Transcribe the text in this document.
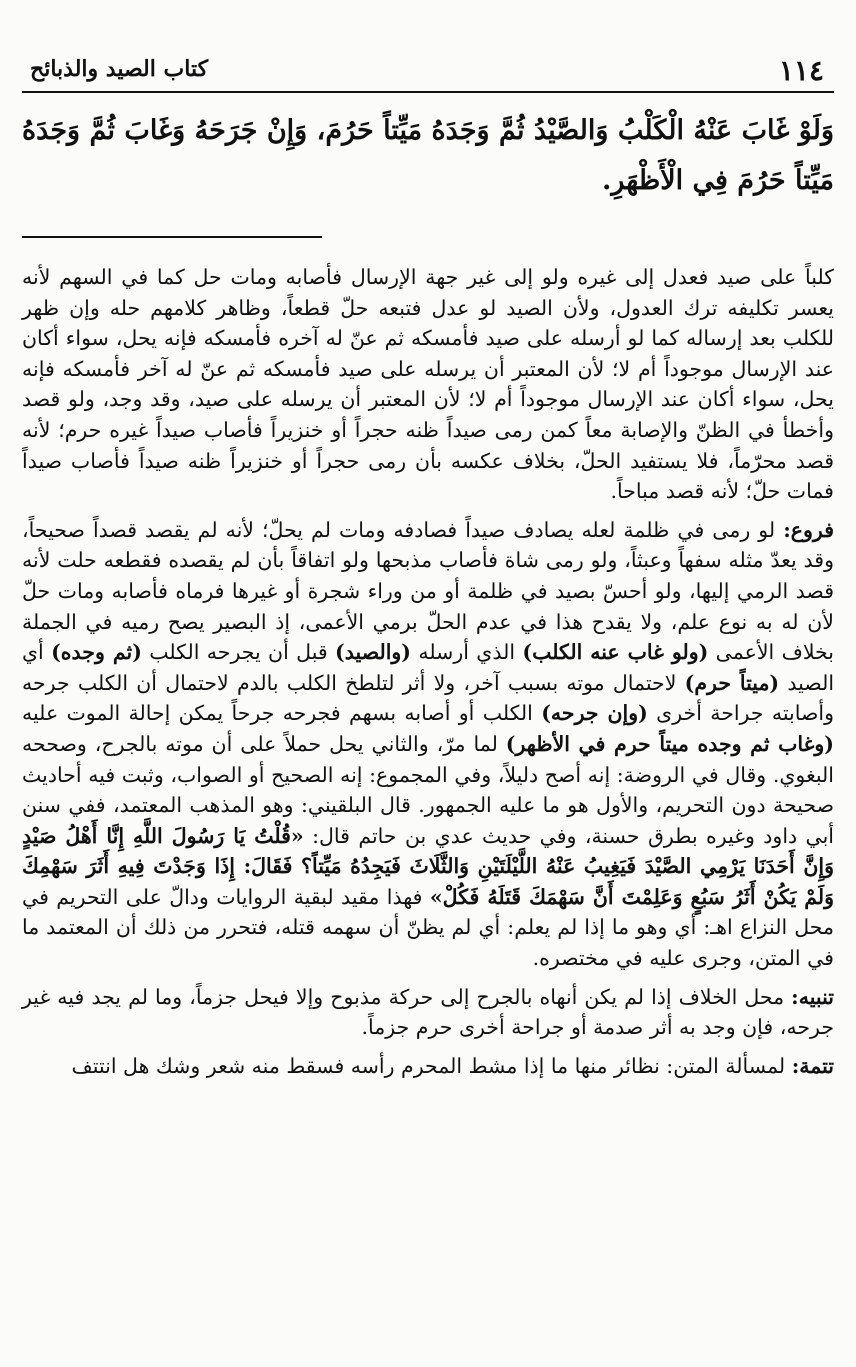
١١٤
كتاب الصيد والذبائح
وَلَوْ غَابَ عَنْهُ الْكَلْبُ وَالصَّيْدُ ثُمَّ وَجَدَهُ مَيِّتاً حَرُمَ، وَإِنْ جَرَحَهُ وَغَابَ ثُمَّ وَجَدَهُ مَيِّتاً حَرُمَ فِي الْأَظْهَرِ.

كلباً على صيد فعدل إلى غيره ولو إلى غير جهة الإرسال فأصابه ومات حل كما في السهم لأنه يعسر تكليفه ترك العدول، ولأن الصيد لو عدل فتبعه حلّ قطعاً، وظاهر كلامهم حله وإن ظهر للكلب بعد إرساله كما لو أرسله على صيد فأمسكه ثم عنّ له آخره فأمسكه فإنه يحل، سواء أكان عند الإرسال موجوداً أم لا؛ لأن المعتبر أن يرسله على صيد فأمسكه ثم عنّ له آخر فأمسكه فإنه يحل، سواء أكان عند الإرسال موجوداً أم لا؛ لأن المعتبر أن يرسله على صيد، وقد وجد، ولو قصد وأخطأ في الظنّ والإصابة معاً كمن رمى صيداً ظنه حجراً أو خنزيراً فأصاب صيداً غيره حرم؛ لأنه قصد محرّماً، فلا يستفيد الحلّ، بخلاف عكسه بأن رمى حجراً أو خنزيراً ظنه صيداً فأصاب صيداً فمات حلّ؛ لأنه قصد مباحاً.

فروع: لو رمى في ظلمة لعله يصادف صيداً فصادفه ومات لم يحلّ؛ لأنه لم يقصد قصداً صحيحاً، وقد يعدّ مثله سفهاً وعبثاً، ولو رمى شاة فأصاب مذبحها ولو اتفاقاً بأن لم يقصده فقطعه حلت لأنه قصد الرمي إليها، ولو أحسّ بصيد في ظلمة أو من وراء شجرة أو غيرها فرماه فأصابه ومات حلّ لأن له به نوع علم، ولا يقدح هذا في عدم الحلّ برمي الأعمى، إذ البصير يصح رميه في الجملة بخلاف الأعمى (ولو غاب عنه الكلب) الذي أرسله (والصيد) قبل أن يجرحه الكلب (ثم وجده) أي الصيد (ميتاً حرم) لاحتمال موته بسبب آخر، ولا أثر لتلطخ الكلب بالدم لاحتمال أن الكلب جرحه وأصابته جراحة أخرى (وإن جرحه) الكلب أو أصابه بسهم فجرحه جرحاً يمكن إحالة الموت عليه (وغاب ثم وجده ميتاً حرم في الأظهر) لما مرّ، والثاني يحل حملاً على أن موته بالجرح، وصححه البغوي. وقال في الروضة: إنه أصح دليلاً، وفي المجموع: إنه الصحيح أو الصواب، وثبت فيه أحاديث صحيحة دون التحريم، والأول هو ما عليه الجمهور. قال البلقيني: وهو المذهب المعتمد، ففي سنن أبي داود وغيره بطرق حسنة، وفي حديث عدي بن حاتم قال: «قُلْتُ يَا رَسُولَ اللَّهِ إِنَّا أَهْلُ صَيْدٍ وَإِنَّ أَحَدَنَا يَرْمِي الصَّيْدَ فَيَغِيبُ عَنْهُ اللَّيْلَتَيْنِ وَالثَّلَاثَ فَيَجِدُهُ مَيِّتاً؟ فَقَالَ: إِذَا وَجَدْتَ فِيهِ أَثَرَ سَهْمِكَ وَلَمْ يَكُنْ أَثَرُ سَبُعٍ وَعَلِمْتَ أَنَّ سَهْمَكَ قَتَلَهُ فَكُلْ» فهذا مقيد لبقية الروايات ودالّ على التحريم في محل النزاع اهـ: أي وهو ما إذا لم يعلم: أي لم يظنّ أن سهمه قتله، فتحرر من ذلك أن المعتمد ما في المتن، وجرى عليه في مختصره.

تنبيه: محل الخلاف إذا لم يكن أنهاه بالجرح إلى حركة مذبوح وإلا فيحل جزماً، وما لم يجد فيه غير جرحه، فإن وجد به أثر صدمة أو جراحة أخرى حرم جزماً.

تتمة: لمسألة المتن: نظائر منها ما إذا مشط المحرم رأسه فسقط منه شعر وشك هل انتتف
